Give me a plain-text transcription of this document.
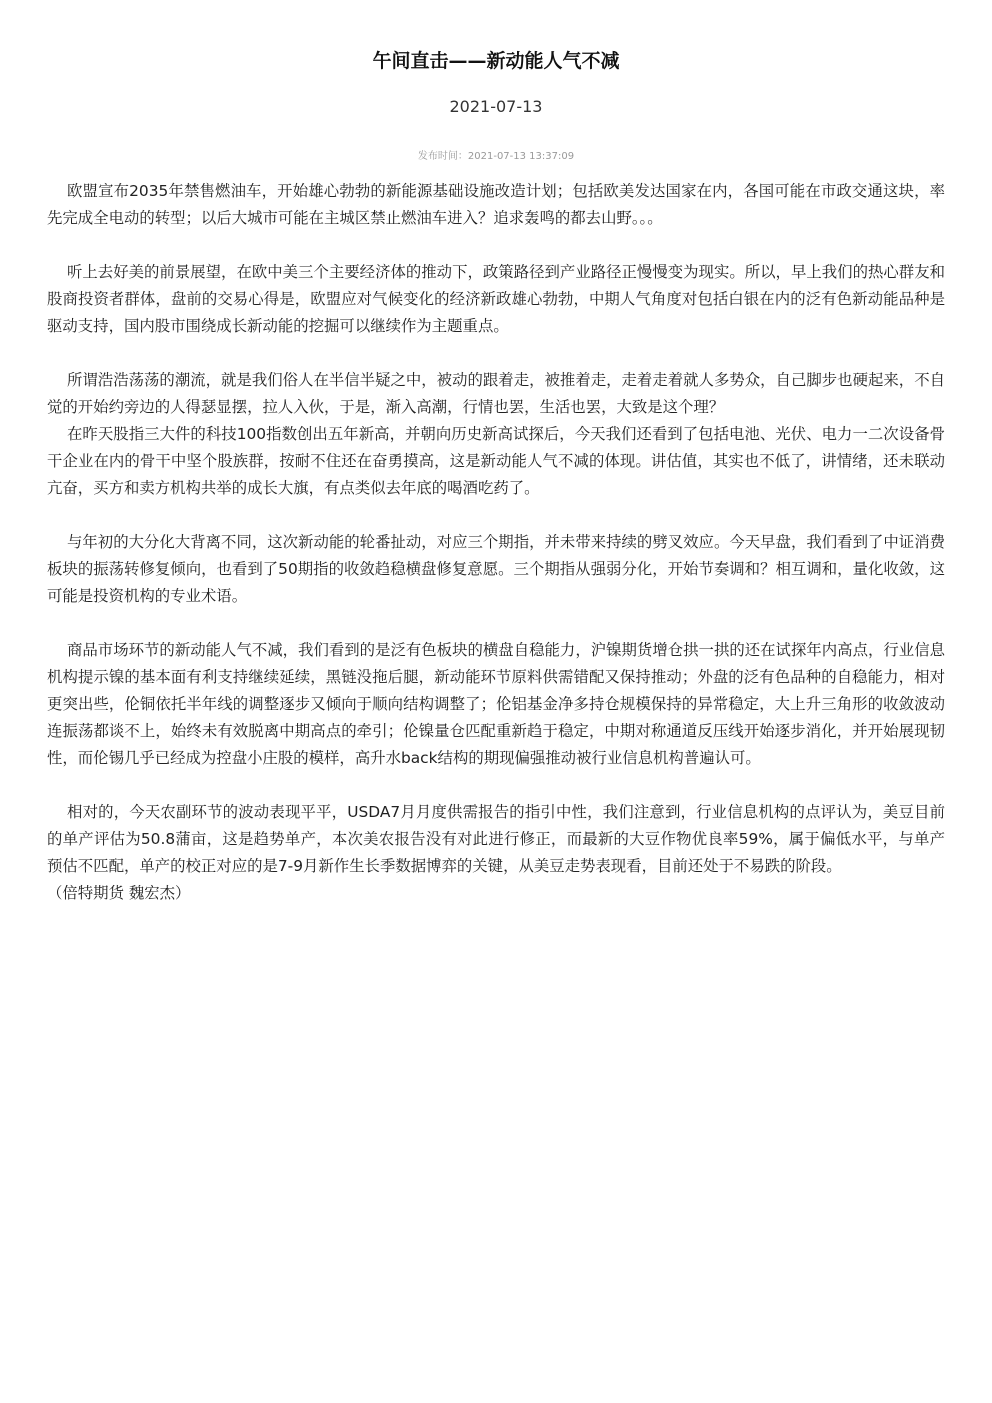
午间直击——新动能人气不减
2021-07-13
发布时间：2021-07-13 13:37:09

欧盟宣布2035年禁售燃油车，开始雄心勃勃的新能源基础设施改造计划；包括欧美发达国家在内，各国可能在市政交通这块，率先完成全电动的转型；以后大城市可能在主城区禁止燃油车进入？追求轰鸣的都去山野。。。

听上去好美的前景展望，在欧中美三个主要经济体的推动下，政策路径到产业路径正慢慢变为现实。所以，早上我们的热心群友和股商投资者群体，盘前的交易心得是，欧盟应对气候变化的经济新政雄心勃勃，中期人气角度对包括白银在内的泛有色新动能品种是驱动支持，国内股市围绕成长新动能的挖掘可以继续作为主题重点。

所谓浩浩荡荡的潮流，就是我们俗人在半信半疑之中，被动的跟着走，被推着走，走着走着就人多势众，自己脚步也硬起来，不自觉的开始约旁边的人得瑟显摆，拉人入伙，于是，渐入高潮，行情也罢，生活也罢，大致是这个理？

在昨天股指三大件的科技100指数创出五年新高，并朝向历史新高试探后，今天我们还看到了包括电池、光伏、电力一二次设备骨干企业在内的骨干中坚个股族群，按耐不住还在奋勇摸高，这是新动能人气不减的体现。讲估值，其实也不低了，讲情绪，还未联动亢奋，买方和卖方机构共举的成长大旗，有点类似去年底的喝酒吃药了。

与年初的大分化大背离不同，这次新动能的轮番扯动，对应三个期指，并未带来持续的劈叉效应。今天早盘，我们看到了中证消费板块的振荡转修复倾向，也看到了50期指的收敛趋稳横盘修复意愿。三个期指从强弱分化，开始节奏调和？相互调和，量化收敛，这可能是投资机构的专业术语。

商品市场环节的新动能人气不减，我们看到的是泛有色板块的横盘自稳能力，沪镍期货增仓拱一拱的还在试探年内高点，行业信息机构提示镍的基本面有利支持继续延续，黑链没拖后腿，新动能环节原料供需错配又保持推动；外盘的泛有色品种的自稳能力，相对更突出些，伦铜依托半年线的调整逐步又倾向于顺向结构调整了；伦铝基金净多持仓规模保持的异常稳定，大上升三角形的收敛波动连振荡都谈不上，始终未有效脱离中期高点的牵引；伦镍量仓匹配重新趋于稳定，中期对称通道反压线开始逐步消化，并开始展现韧性，而伦锡几乎已经成为控盘小庄股的模样，高升水back结构的期现偏强推动被行业信息机构普遍认可。

相对的，今天农副环节的波动表现平平，USDA7月月度供需报告的指引中性，我们注意到，行业信息机构的点评认为，美豆目前的单产评估为50.8蒲亩，这是趋势单产，本次美农报告没有对此进行修正，而最新的大豆作物优良率59%，属于偏低水平，与单产预估不匹配，单产的校正对应的是7-9月新作生长季数据博弈的关键，从美豆走势表现看，目前还处于不易跌的阶段。

（倍特期货 魏宏杰）
